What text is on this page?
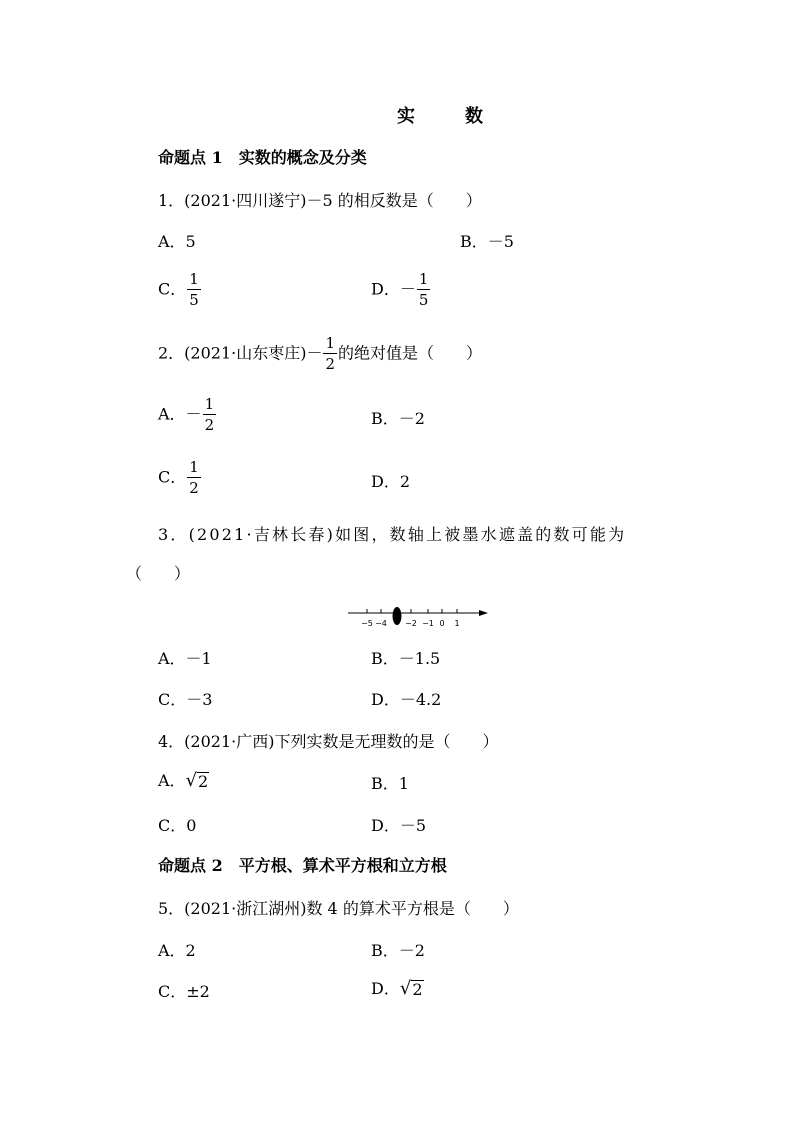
实　数
命题点 1　实数的概念及分类
1．(2021·四川遂宁)－5 的相反数是（　　）
A．5	B．－5
C． $\frac{1}{5}$	D．－ $\frac{1}{5}$
2．(2021·山东枣庄)－ $\frac{1}{2}$ 的绝对值是（　　）
A．－ $\frac{1}{2}$	B．－2
C． $\frac{1}{2}$	D．2
3．(2021·吉林长春)如图，数轴上被墨水遮盖的数可能为
（　　）
−5 −4 −2 −1 0 1
A．－1	B．－1.5
C．－3	D．－4.2
4．(2021·广西)下列实数是无理数的是（　　）
A． √ 2	B．1
C．0	D．－5
命题点 2　平方根、算术平方根和立方根
5．(2021·浙江湖州)数 4 的算术平方根是（　　）
A．2	B．－2
C．±2	D． √ 2
